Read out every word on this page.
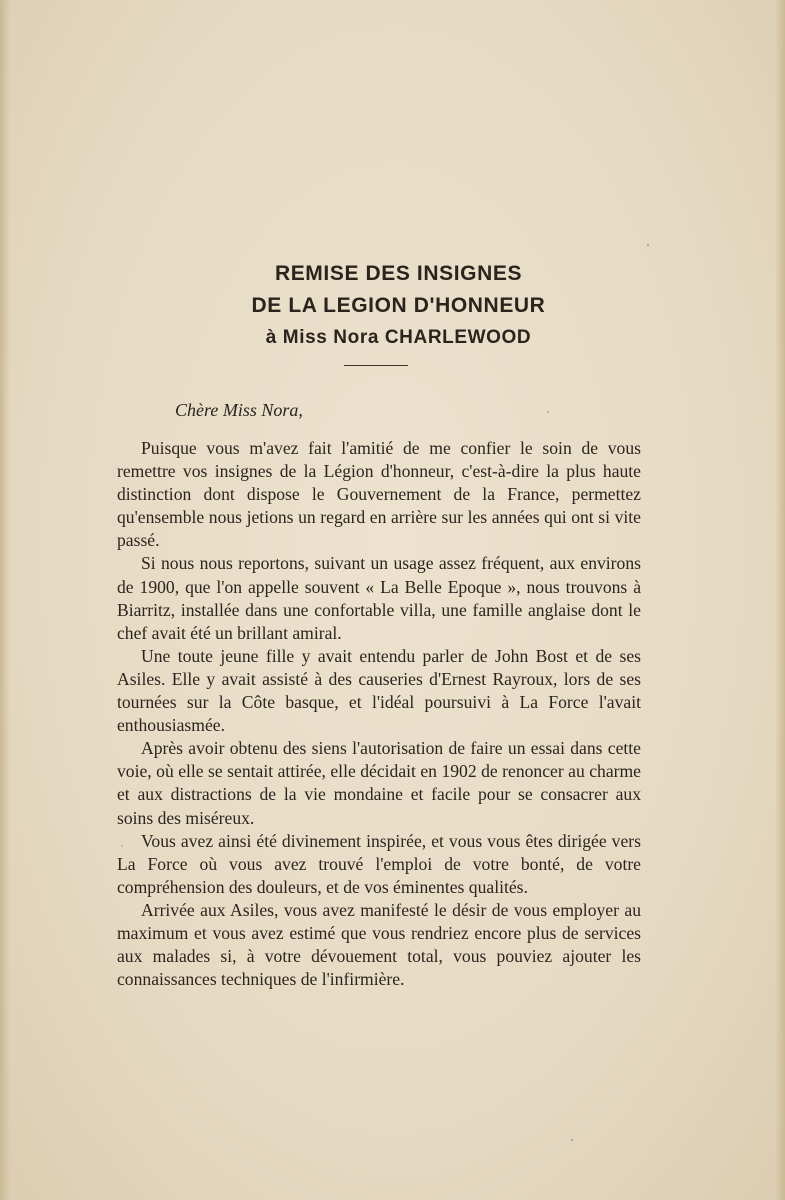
REMISE DES INSIGNES
DE LA LEGION D'HONNEUR
à Miss Nora CHARLEWOOD
Chère Miss Nora,

Puisque vous m'avez fait l'amitié de me confier le soin de vous remettre vos insignes de la Légion d'honneur, c'est-à-dire la plus haute distinction dont dispose le Gouvernement de la France, permettez qu'ensemble nous jetions un regard en arrière sur les années qui ont si vite passé.

Si nous nous reportons, suivant un usage assez fréquent, aux environs de 1900, que l'on appelle souvent « La Belle Epoque », nous trouvons à Biarritz, installée dans une confortable villa, une famille anglaise dont le chef avait été un brillant amiral.

Une toute jeune fille y avait entendu parler de John Bost et de ses Asiles. Elle y avait assisté à des causeries d'Ernest Rayroux, lors de ses tournées sur la Côte basque, et l'idéal poursuivi à La Force l'avait enthousiasmée.

Après avoir obtenu des siens l'autorisation de faire un essai dans cette voie, où elle se sentait attirée, elle décidait en 1902 de renoncer au charme et aux distractions de la vie mondaine et facile pour se consacrer aux soins des miséreux.

Vous avez ainsi été divinement inspirée, et vous vous êtes dirigée vers La Force où vous avez trouvé l'emploi de votre bonté, de votre compréhension des douleurs, et de vos éminentes qualités.

Arrivée aux Asiles, vous avez manifesté le désir de vous employer au maximum et vous avez estimé que vous rendriez encore plus de services aux malades si, à votre dévouement total, vous pouviez ajouter les connaissances techniques de l'infirmière.
